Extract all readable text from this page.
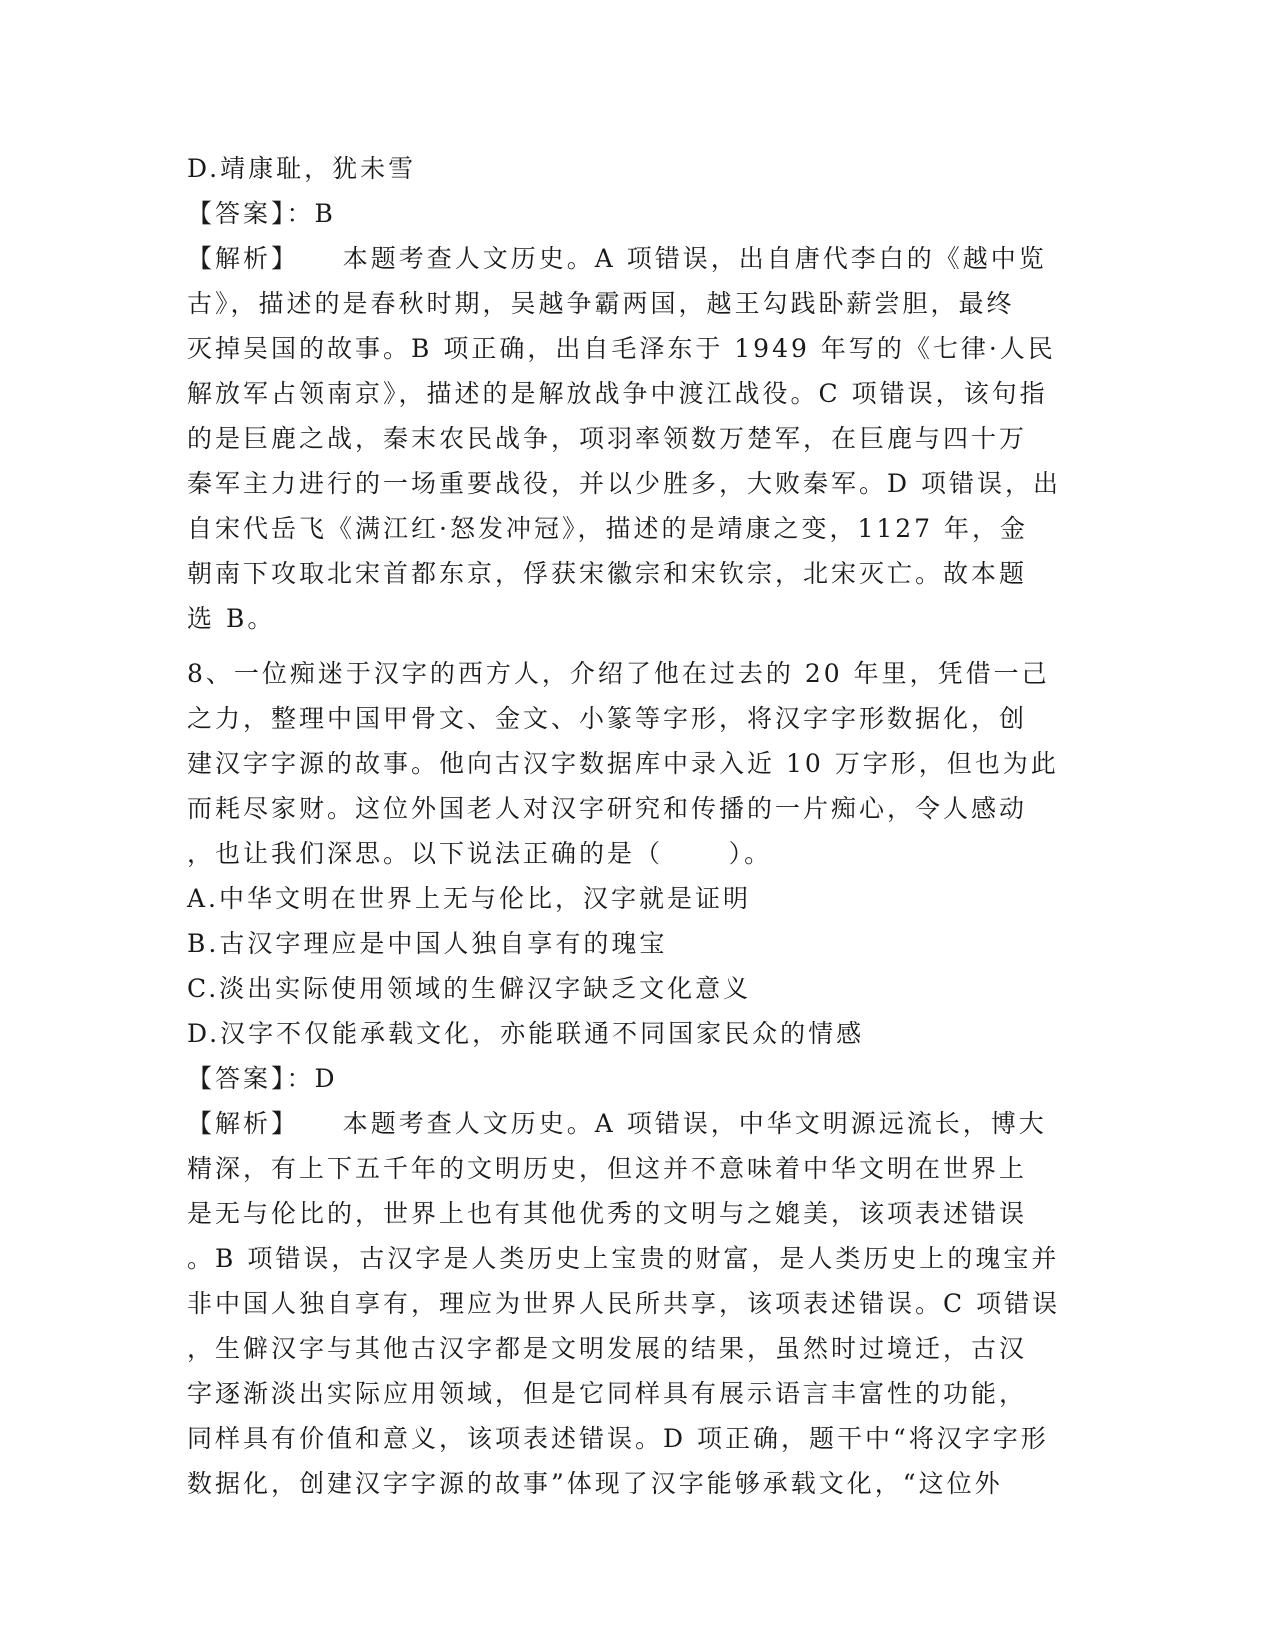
D.靖康耻，犹未雪
【答案】：B
【解析】    本题考查人文历史。A 项错误，出自唐代李白的《越中览
古》，描述的是春秋时期，吴越争霸两国，越王勾践卧薪尝胆，最终
灭掉吴国的故事。B 项正确，出自毛泽东于 1949 年写的《七律·人民
解放军占领南京》，描述的是解放战争中渡江战役。C 项错误，该句指
的是巨鹿之战，秦末农民战争，项羽率领数万楚军，在巨鹿与四十万
秦军主力进行的一场重要战役，并以少胜多，大败秦军。D 项错误，出
自宋代岳飞《满江红·怒发冲冠》，描述的是靖康之变，1127 年，金
朝南下攻取北宋首都东京，俘获宋徽宗和宋钦宗，北宋灭亡。故本题
选 B。
8、一位痴迷于汉字的西方人，介绍了他在过去的 20 年里，凭借一己
之力，整理中国甲骨文、金文、小篆等字形，将汉字字形数据化，创
建汉字字源的故事。他向古汉字数据库中录入近 10 万字形，但也为此
而耗尽家财。这位外国老人对汉字研究和传播的一片痴心，令人感动
，也让我们深思。以下说法正确的是（      ）。
A.中华文明在世界上无与伦比，汉字就是证明
B.古汉字理应是中国人独自享有的瑰宝
C.淡出实际使用领域的生僻汉字缺乏文化意义
D.汉字不仅能承载文化，亦能联通不同国家民众的情感
【答案】：D
【解析】    本题考查人文历史。A 项错误，中华文明源远流长，博大
精深，有上下五千年的文明历史，但这并不意味着中华文明在世界上
是无与伦比的，世界上也有其他优秀的文明与之媲美，该项表述错误
。B 项错误，古汉字是人类历史上宝贵的财富，是人类历史上的瑰宝并
非中国人独自享有，理应为世界人民所共享，该项表述错误。C 项错误
，生僻汉字与其他古汉字都是文明发展的结果，虽然时过境迁，古汉
字逐渐淡出实际应用领域，但是它同样具有展示语言丰富性的功能，
同样具有价值和意义，该项表述错误。D 项正确，题干中“将汉字字形
数据化，创建汉字字源的故事”体现了汉字能够承载文化，“这位外
